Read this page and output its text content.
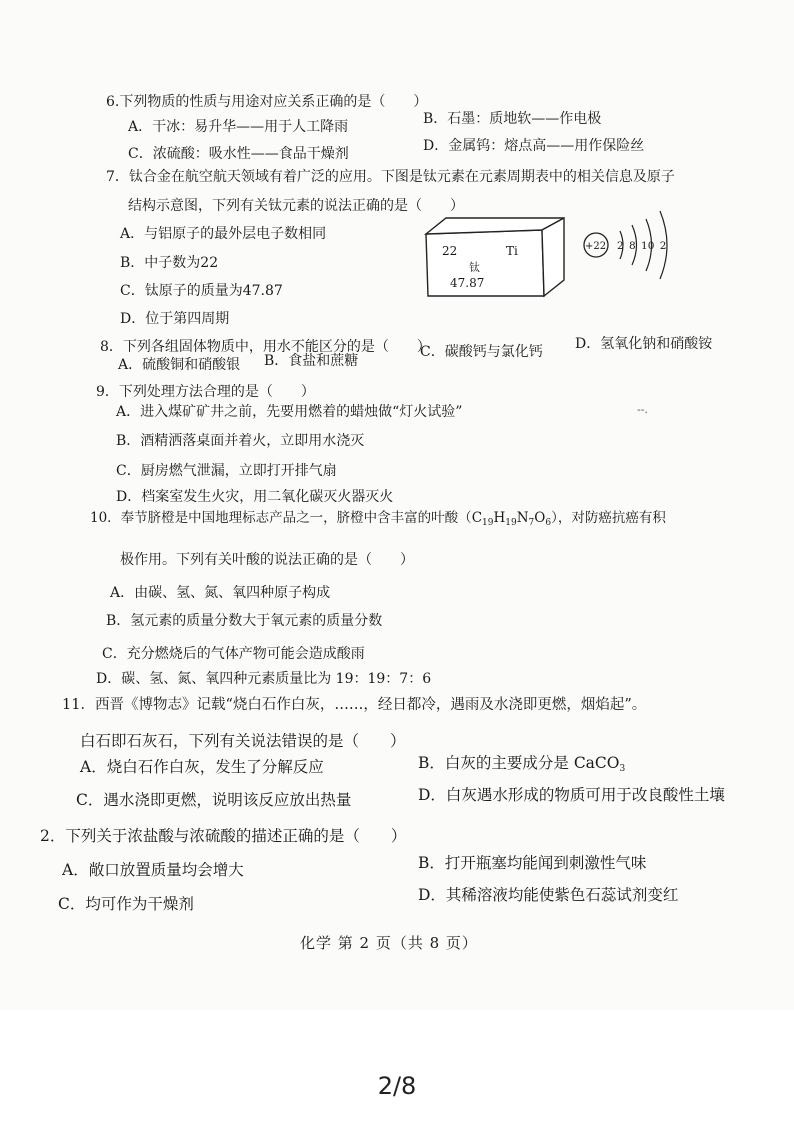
6.下列物质的性质与用途对应关系正确的是（　　）
A．干冰：易升华——用于人工降雨	B．石墨：质地软——作电极
C．浓硫酸：吸水性——食品干燥剂	D．金属钨：熔点高——用作保险丝
7．钛合金在航空航天领域有着广泛的应用。下图是钛元素在元素周期表中的相关信息及原子
结构示意图，下列有关钛元素的说法正确的是（　　）
A．与铝原子的最外层电子数相同
B．中子数为22
C．钛原子的质量为47.87
D．位于第四周期
22	Ti
钛
47.87
+22 2 8 10 2
8．下列各组固体物质中，用水不能区分的是（　　）
A．硫酸铜和硝酸银 B．食盐和蔗糖
C．碳酸钙与氯化钙 D．氢氧化钠和硝酸铵
9．下列处理方法合理的是（　　）
A．进入煤矿矿井之前，先要用燃着的蜡烛做“灯火试验”
B．酒精洒落桌面并着火，立即用水浇灭
C．厨房燃气泄漏，立即打开排气扇
D．档案室发生火灾，用二氧化碳灭火器灭火
--.
10．奉节脐橙是中国地理标志产品之一，脐橙中含丰富的叶酸$(C_{19}H_{19}N_7O_6)$，对防癌抗癌有积
极作用。下列有关叶酸的说法正确的是（　　）
A．由碳、氢、氮、氧四种原子构成
B．氢元素的质量分数大于氧元素的质量分数
C．充分燃烧后的气体产物可能会造成酸雨
D．碳、氢、氮、氧四种元素质量比为 19：19：7：6
11．西晋《博物志》记载“烧白石作白灰，……，经日都冷，遇雨及水浇即更燃，烟焰起”。
白石即石灰石，下列有关说法错误的是（　　）
A．烧白石作白灰，发生了分解反应	B．白灰的主要成分是 CaCO$_3$
C．遇水浇即更燃，说明该反应放出热量	D．白灰遇水形成的物质可用于改良酸性土壤
2．下列关于浓盐酸与浓硫酸的描述正确的是（　　）
A．敞口放置质量均会增大	B．打开瓶塞均能闻到刺激性气味
C．均可作为干燥剂	D．其稀溶液均能使紫色石蕊试剂变红
化学 第 2 页（共 8 页）
2/8
